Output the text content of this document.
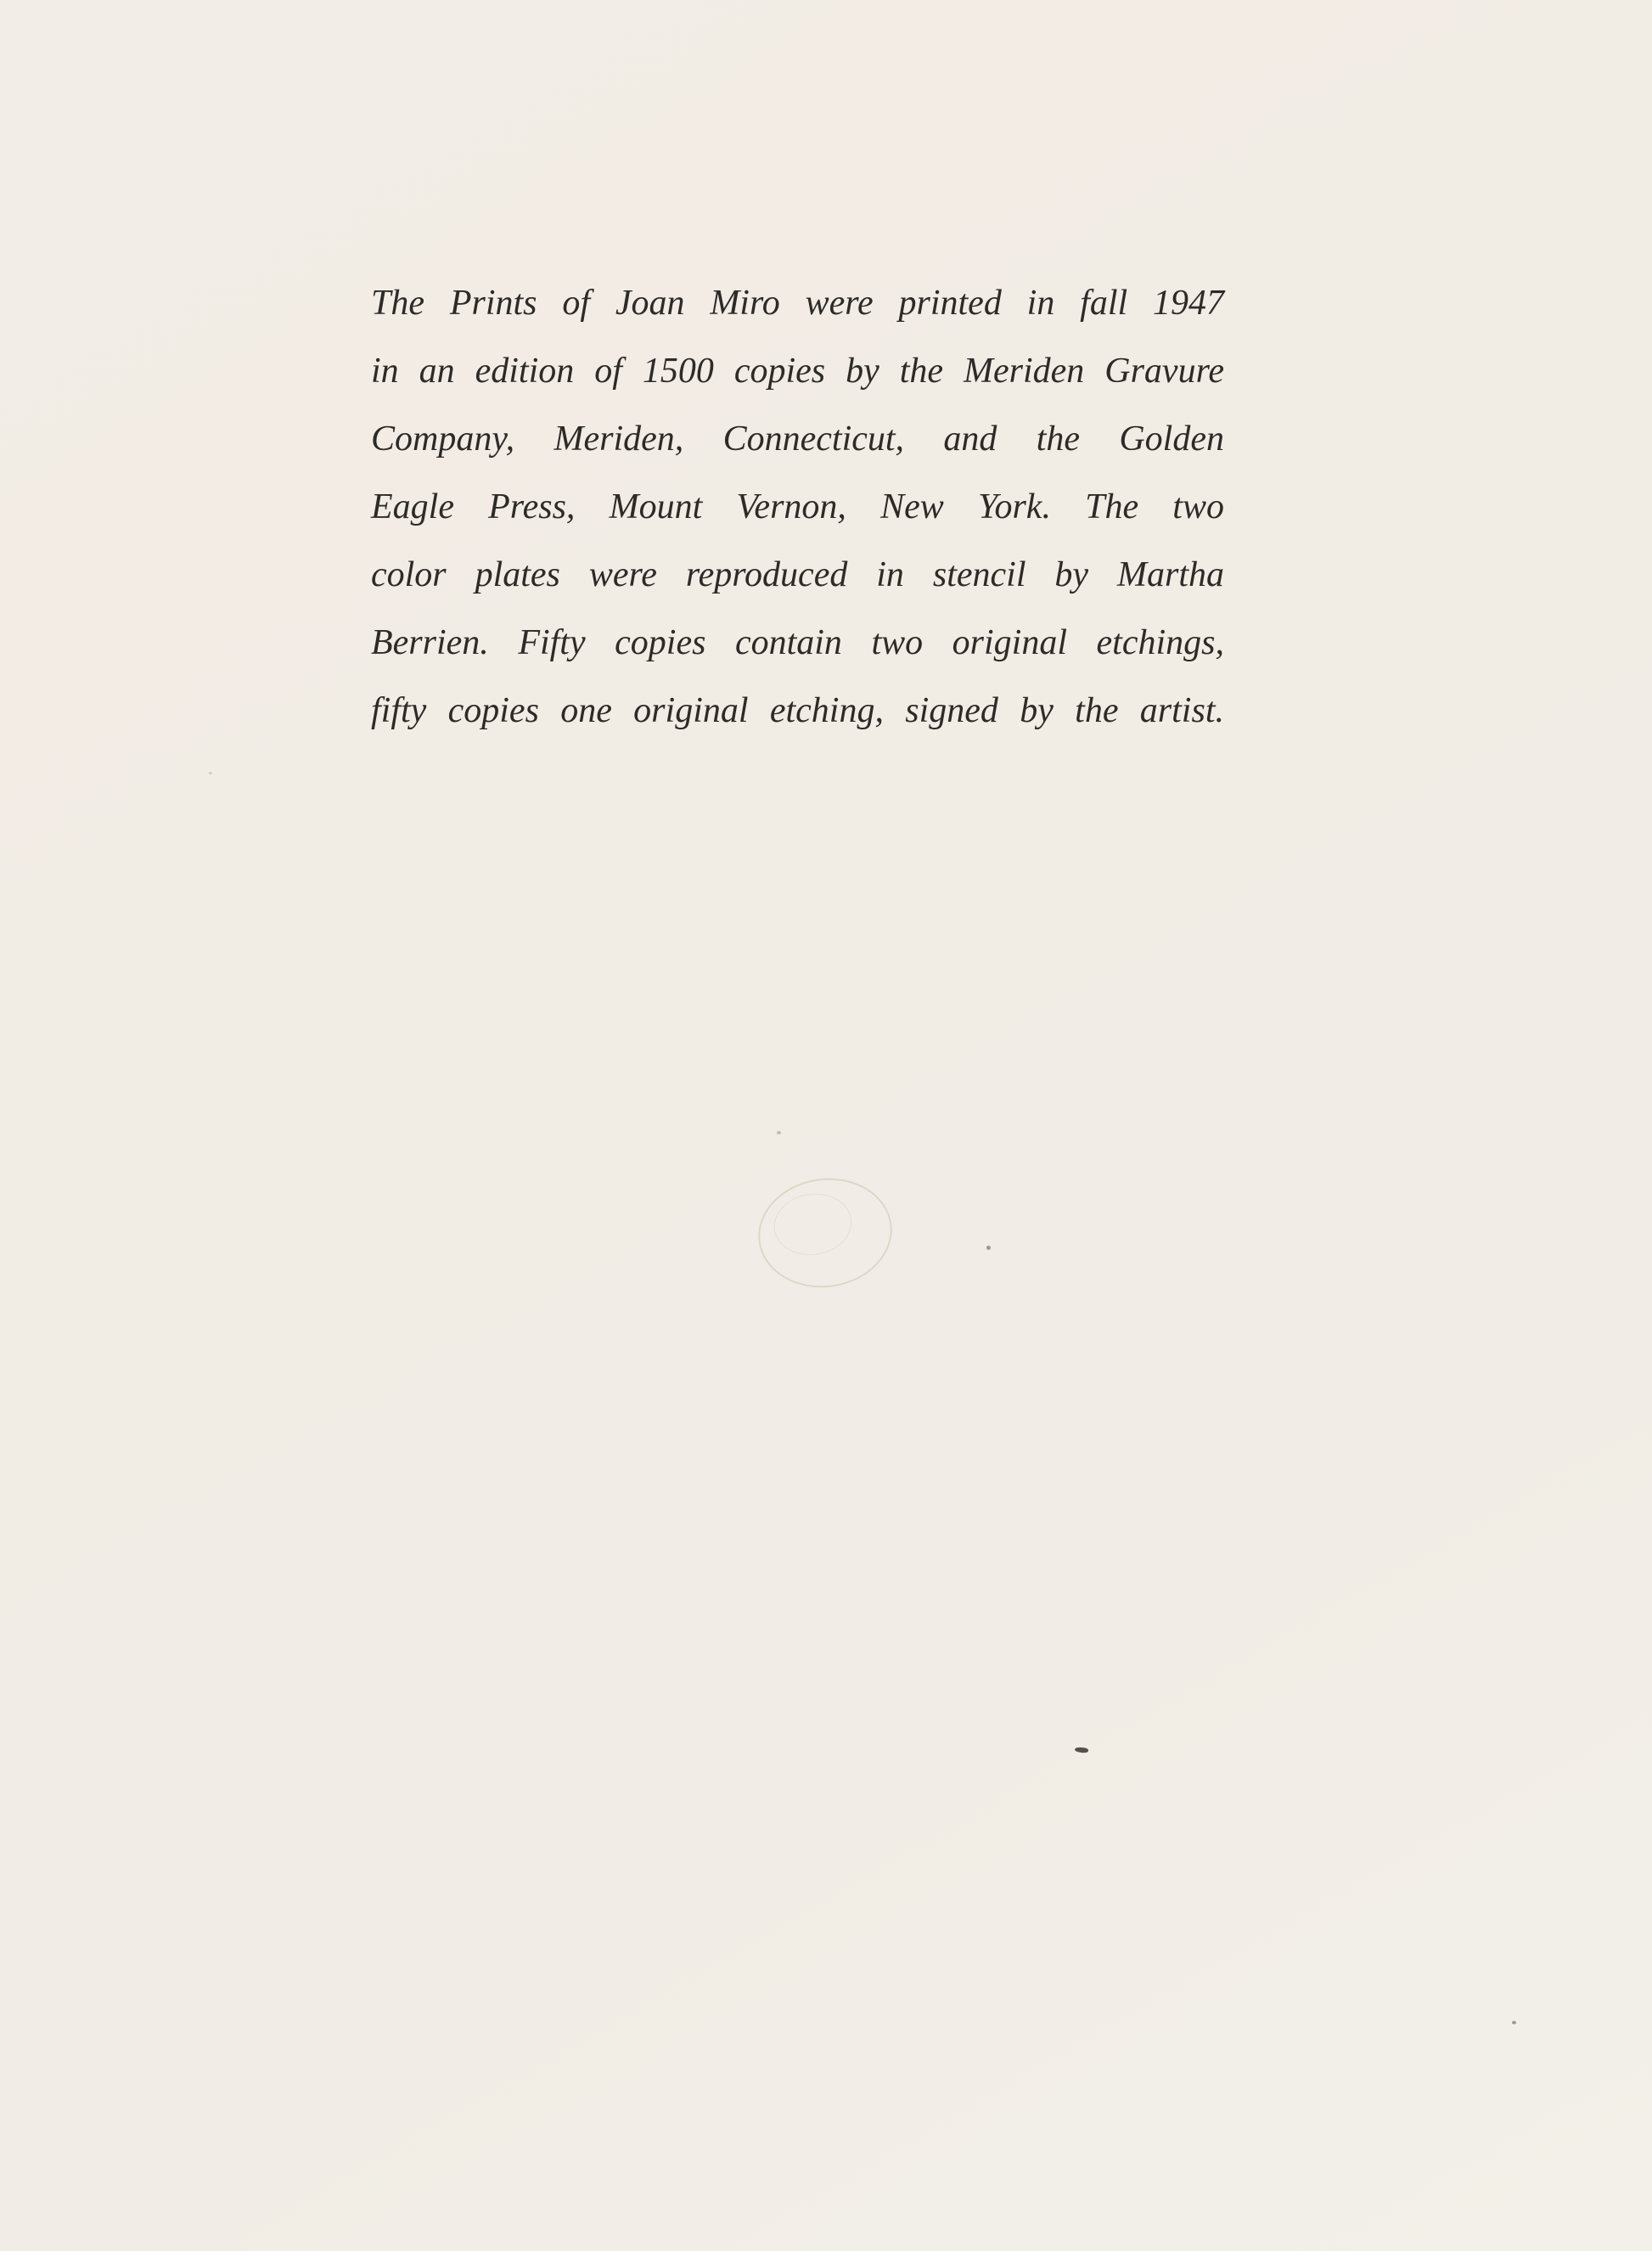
The Prints of Joan Miro were printed in fall 1947
in an edition of 1500 copies by the Meriden Gravure
Company, Meriden, Connecticut, and the Golden
Eagle Press, Mount Vernon, New York. The two
color plates were reproduced in stencil by Martha
Berrien. Fifty copies contain two original etchings,
fifty copies one original etching, signed by the artist.
